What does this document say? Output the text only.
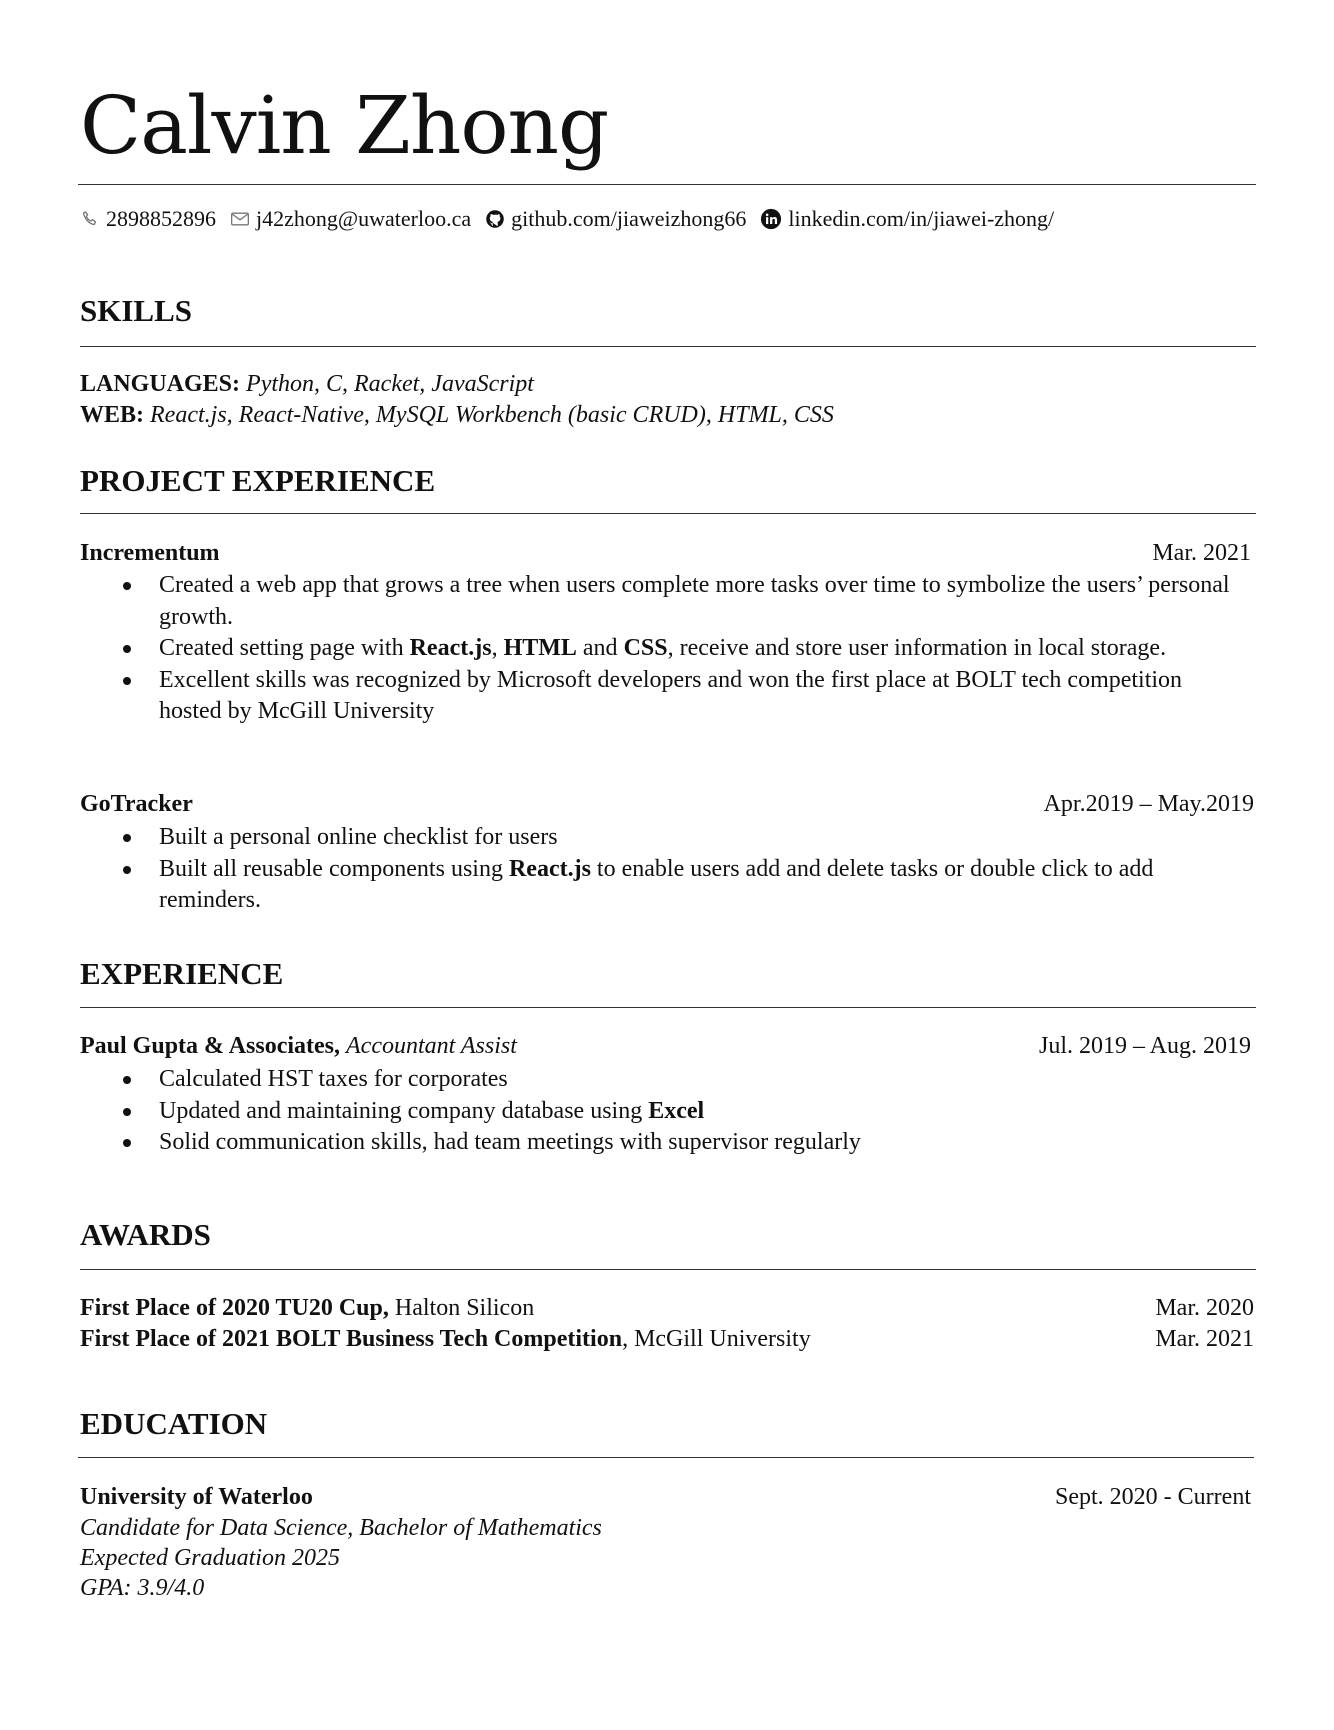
Calvin Zhong
2898852896 j42zhong@uwaterloo.ca github.com/jiaweizhong66 linkedin.com/in/jiawei-zhong/
SKILLS
LANGUAGES: Python, C, Racket, JavaScript
WEB: React.js, React-Native, MySQL Workbench (basic CRUD), HTML, CSS
PROJECT EXPERIENCE
Incrementum	Mar. 2021
Created a web app that grows a tree when users complete more tasks over time to symbolize the users’ personal growth.
Created setting page with React.js, HTML and CSS, receive and store user information in local storage.
Excellent skills was recognized by Microsoft developers and won the first place at BOLT tech competition hosted by McGill University
GoTracker	Apr.2019 – May.2019
Built a personal online checklist for users
Built all reusable components using React.js to enable users add and delete tasks or double click to add reminders.
EXPERIENCE
Paul Gupta & Associates, Accountant Assist	Jul. 2019 – Aug. 2019
Calculated HST taxes for corporates
Updated and maintaining company database using Excel
Solid communication skills, had team meetings with supervisor regularly
AWARDS
First Place of 2020 TU20 Cup, Halton Silicon	Mar. 2020
First Place of 2021 BOLT Business Tech Competition, McGill University	Mar. 2021
EDUCATION
University of Waterloo	Sept. 2020 - Current
Candidate for Data Science, Bachelor of Mathematics
Expected Graduation 2025
GPA: 3.9/4.0
